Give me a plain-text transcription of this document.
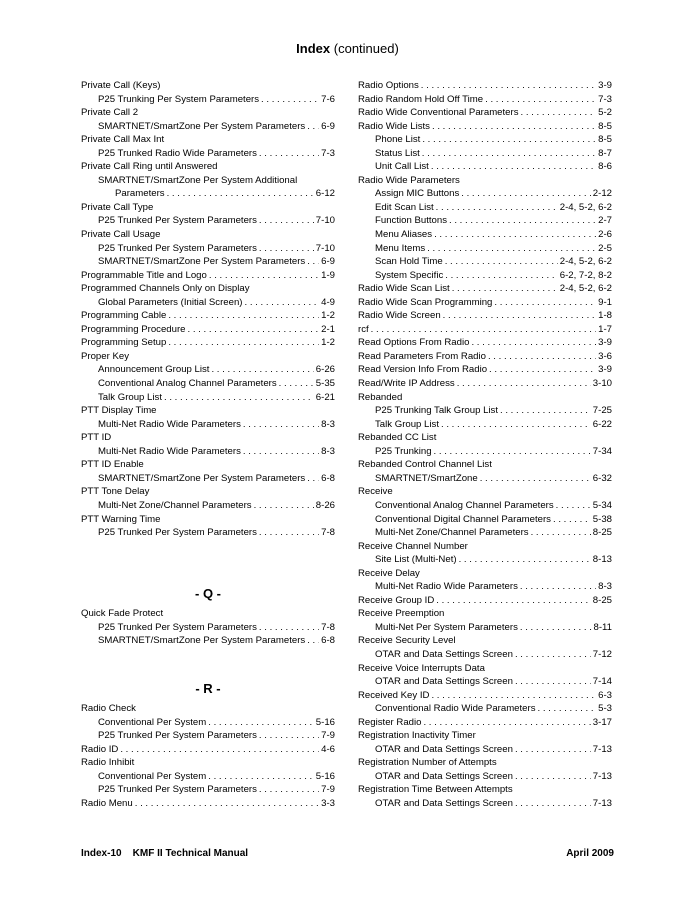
Index (continued)
Private Call (Keys)
P25 Trunking Per System Parameters . . .	7-6
Private Call 2
SMARTNET/SmartZone Per System Parameters . . . 6-9
Private Call Max Int
P25 Trunked Radio Wide Parameters . . .	7-3
Private Call Ring until Answered
SMARTNET/SmartZone Per System Additional
Parameters . . .	6-12
Private Call Type
P25 Trunked Per System Parameters . . .	7-10
Private Call Usage
P25 Trunked Per System Parameters . . .	7-10
SMARTNET/SmartZone Per System Parameters . . . 6-9
Programmable Title and Logo . . .	1-9
Programmed Channels Only on Display
Global Parameters (Initial Screen) . . .	4-9
Programming Cable . . .	1-2
Programming Procedure . . .	2-1
Programming Setup . . .	1-2
Proper Key
Announcement Group List . . .	6-26
Conventional Analog Channel Parameters . . .	5-35
Talk Group List . . .	6-21
PTT Display Time
Multi-Net Radio Wide Parameters . . .	8-3
PTT ID
Multi-Net Radio Wide Parameters . . .	8-3
PTT ID Enable
SMARTNET/SmartZone Per System Parameters . . . 6-8
PTT Tone Delay
Multi-Net Zone/Channel Parameters . . .	8-26
PTT Warning Time
P25 Trunked Per System Parameters . . .	7-8
- Q -
Quick Fade Protect
P25 Trunked Per System Parameters . . .	7-8
SMARTNET/SmartZone Per System Parameters . . . 6-8
- R -
Radio Check
Conventional Per System . . .	5-16
P25 Trunked Per System Parameters . . .	7-9
Radio ID . . .	4-6
Radio Inhibit
Conventional Per System . . .	5-16
P25 Trunked Per System Parameters . . .	7-9
Radio Menu . . .	3-3
Radio Options . . .	3-9
Radio Random Hold Off Time . . .	7-3
Radio Wide Conventional Parameters . . .	5-2
Radio Wide Lists . . .	8-5
Phone List . . .	8-5
Status List . . .	8-7
Unit Call List . . .	8-6
Radio Wide Parameters
Assign MIC Buttons . . .	2-12
Edit Scan List . . .	2-4, 5-2, 6-2
Function Buttons . . .	2-7
Menu Aliases . . .	2-6
Menu Items . . .	2-5
Scan Hold Time . . .	2-4, 5-2, 6-2
System Specific . . .	6-2, 7-2, 8-2
Radio Wide Scan List . . .	2-4, 5-2, 6-2
Radio Wide Scan Programming . . .	9-1
Radio Wide Screen . . .	1-8
rcf . . .	1-7
Read Options From Radio . . .	3-9
Read Parameters From Radio . . .	3-6
Read Version Info From Radio . . .	3-9
Read/Write IP Address . . .	3-10
Rebanded
P25 Trunking Talk Group List . . .	7-25
Talk Group List . . .	6-22
Rebanded CC List
P25 Trunking . . .	7-34
Rebanded Control Channel List
SMARTNET/SmartZone . . .	6-32
Receive
Conventional Analog Channel Parameters . . .	5-34
Conventional Digital Channel Parameters . . .	5-38
Multi-Net Zone/Channel Parameters . . .	8-25
Receive Channel Number
Site List (Multi-Net) . . .	8-13
Receive Delay
Multi-Net Radio Wide Parameters . . .	8-3
Receive Group ID . . .	8-25
Receive Preemption
Multi-Net Per System Parameters . . .	8-11
Receive Security Level
OTAR and Data Settings Screen . . .	7-12
Receive Voice Interrupts Data
OTAR and Data Settings Screen . . .	7-14
Received Key ID . . .	6-3
Conventional Radio Wide Parameters . . .	5-3
Register Radio . . .	3-17
Registration Inactivity Timer
OTAR and Data Settings Screen . . .	7-13
Registration Number of Attempts
OTAR and Data Settings Screen . . .	7-13
Registration Time Between Attempts
OTAR and Data Settings Screen . . .	7-13
Index-10    KMF II Technical Manual	April 2009
